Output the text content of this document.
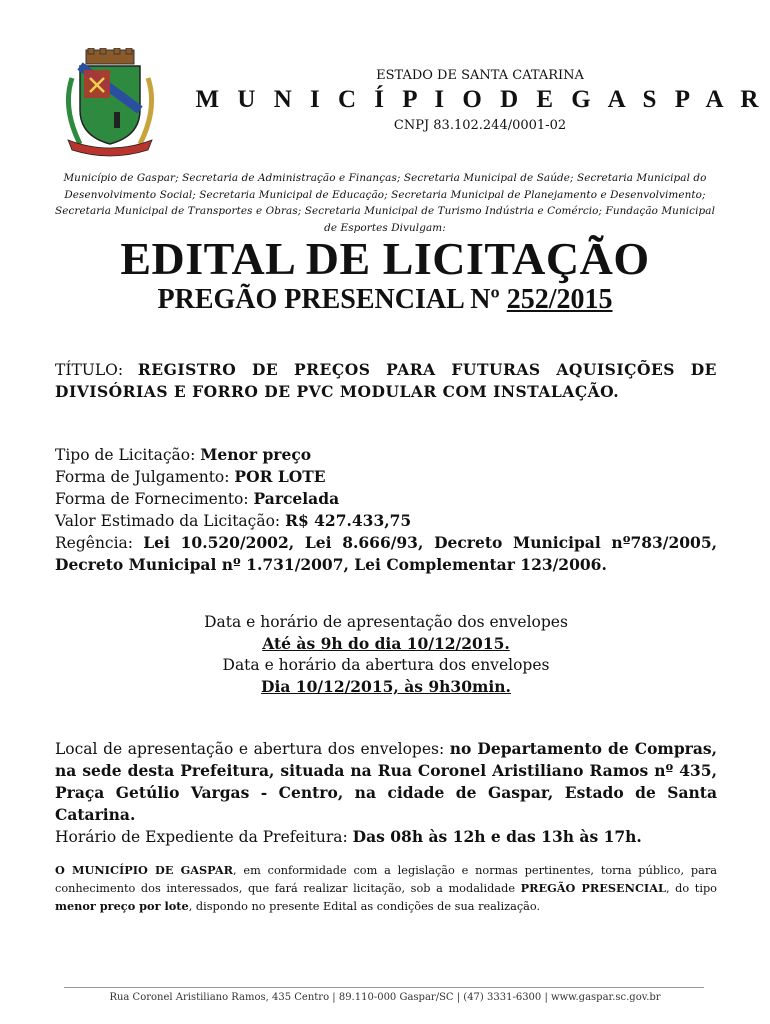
ESTADO DE SANTA CATARINA
M U N I C Í P I O D E G A S P A R
CNPJ 83.102.244/0001-02
Município de Gaspar; Secretaria de Administração e Finanças; Secretaria Municipal de Saúde; Secretaria Municipal do Desenvolvimento Social; Secretaria Municipal de Educação; Secretaria Municipal de Planejamento e Desenvolvimento; Secretaria Municipal de Transportes e Obras; Secretaria Municipal de Turismo Indústria e Comércio; Fundação Municipal de Esportes Divulgam:
EDITAL DE LICITAÇÃO
PREGÃO PRESENCIAL Nº 252/2015
TÍTULO: REGISTRO DE PREÇOS PARA FUTURAS AQUISIÇÕES DE DIVISÓRIAS E FORRO DE PVC MODULAR COM INSTALAÇÃO.
Tipo de Licitação: Menor preço
Forma de Julgamento: POR LOTE
Forma de Fornecimento: Parcelada
Valor Estimado da Licitação: R$ 427.433,75
Regência: Lei 10.520/2002, Lei 8.666/93, Decreto Municipal nº783/2005, Decreto Municipal nº 1.731/2007, Lei Complementar 123/2006.
Data e horário de apresentação dos envelopes
Até às 9h do dia 10/12/2015.
Data e horário da abertura dos envelopes
Dia 10/12/2015, às 9h30min.
Local de apresentação e abertura dos envelopes: no Departamento de Compras, na sede desta Prefeitura, situada na Rua Coronel Aristiliano Ramos nº 435, Praça Getúlio Vargas - Centro, na cidade de Gaspar, Estado de Santa Catarina.
Horário de Expediente da Prefeitura: Das 08h às 12h e das 13h às 17h.
O MUNICÍPIO DE GASPAR, em conformidade com a legislação e normas pertinentes, torna público, para conhecimento dos interessados, que fará realizar licitação, sob a modalidade PREGÃO PRESENCIAL, do tipo menor preço por lote, dispondo no presente Edital as condições de sua realização.
Rua Coronel Aristiliano Ramos, 435 Centro | 89.110-000 Gaspar/SC | (47) 3331-6300 | www.gaspar.sc.gov.br
